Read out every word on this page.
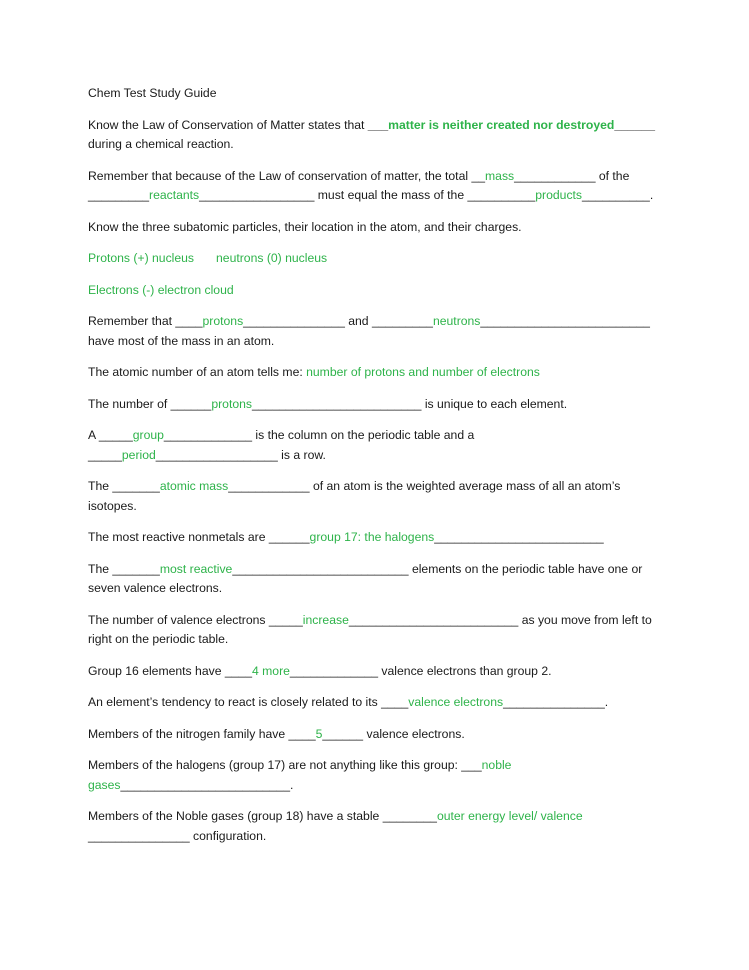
Chem Test Study Guide

Know the Law of Conservation of Matter states that ___matter is neither created nor destroyed______
during a chemical reaction.

Remember that because of the Law of conservation of matter, the total __mass____________ of the
_________reactants_________________ must equal the mass of the __________products__________.

Know the three subatomic particles, their location in the atom, and their charges.

Protons (+) nucleus neutrons (0) nucleus

Electrons (-) electron cloud

Remember that ____protons_______________ and _________neutrons_________________________
have most of the mass in an atom.

The atomic number of an atom tells me: number of protons and number of electrons

The number of ______protons_________________________ is unique to each element.

A _____group_____________ is the column on the periodic table and a
_____period__________________ is a row.

The _______atomic mass____________ of an atom is the weighted average mass of all an atom’s
isotopes.

The most reactive nonmetals are ______group 17: the halogens_________________________

The _______most reactive__________________________ elements on the periodic table have one or
seven valence electrons.

The number of valence electrons _____increase_________________________ as you move from left to
right on the periodic table.

Group 16 elements have ____4 more_____________ valence electrons than group 2.

An element’s tendency to react is closely related to its ____valence electrons_______________.

Members of the nitrogen family have ____5______ valence electrons.

Members of the halogens (group 17) are not anything like this group: ___noble
gases_________________________.

Members of the Noble gases (group 18) have a stable ________outer energy level/ valence
_______________ configuration.
